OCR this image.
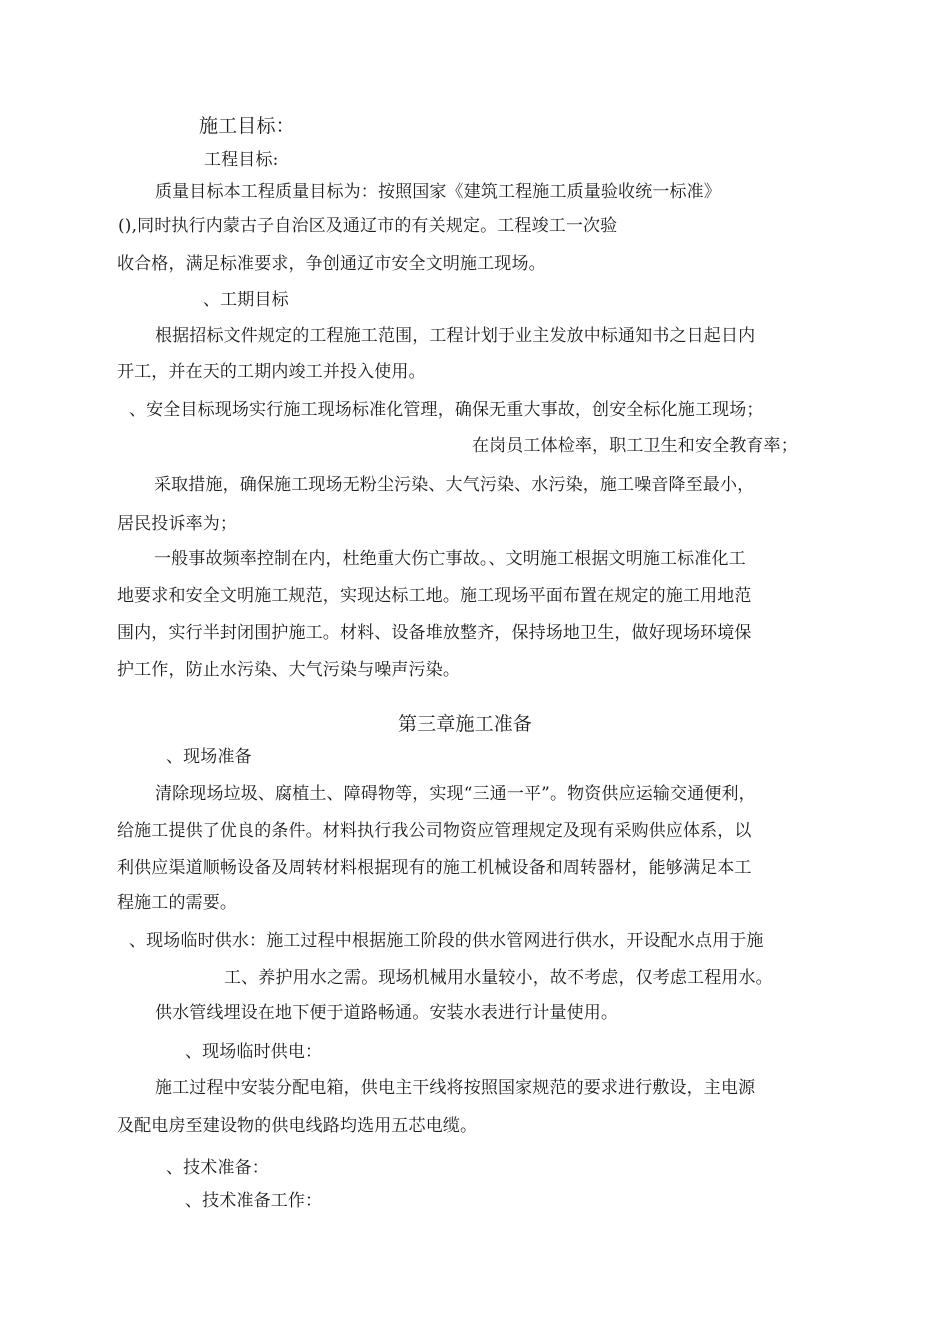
施工目标：
工程目标:
质量目标本工程质量目标为：按照国家《建筑工程施工质量验收统一标准》
(),同时执行内蒙古子自治区及通辽市的有关规定。工程竣工一次验
收合格，满足标准要求，争创通辽市安全文明施工现场。
、工期目标
根据招标文件规定的工程施工范围，工程计划于业主发放中标通知书之日起日内
开工，并在天的工期内竣工并投入使用。
、安全目标现场实行施工现场标准化管理，确保无重大事故，创安全标化施工现场；
在岗员工体检率，职工卫生和安全教育率；
采取措施，确保施工现场无粉尘污染、大气污染、水污染，施工噪音降至最小，
居民投诉率为；
一般事故频率控制在内，杜绝重大伤亡事故。、文明施工根据文明施工标准化工
地要求和安全文明施工规范，实现达标工地。施工现场平面布置在规定的施工用地范
围内，实行半封闭围护施工。材料、设备堆放整齐，保持场地卫生，做好现场环境保
护工作，防止水污染、大气污染与噪声污染。
第三章施工准备
、现场准备
清除现场垃圾、腐植土、障碍物等，实现“三通一平”。物资供应运输交通便利，
给施工提供了优良的条件。材料执行我公司物资应管理规定及现有采购供应体系，以
利供应渠道顺畅设备及周转材料根据现有的施工机械设备和周转器材，能够满足本工
程施工的需要。
、现场临时供水：施工过程中根据施工阶段的供水管网进行供水，开设配水点用于施
工、养护用水之需。现场机械用水量较小，故不考虑，仅考虑工程用水。
供水管线埋设在地下便于道路畅通。安装水表进行计量使用。
、现场临时供电：
施工过程中安装分配电箱，供电主干线将按照国家规范的要求进行敷设，主电源
及配电房至建设物的供电线路均选用五芯电缆。
、技术准备：
、技术准备工作：
